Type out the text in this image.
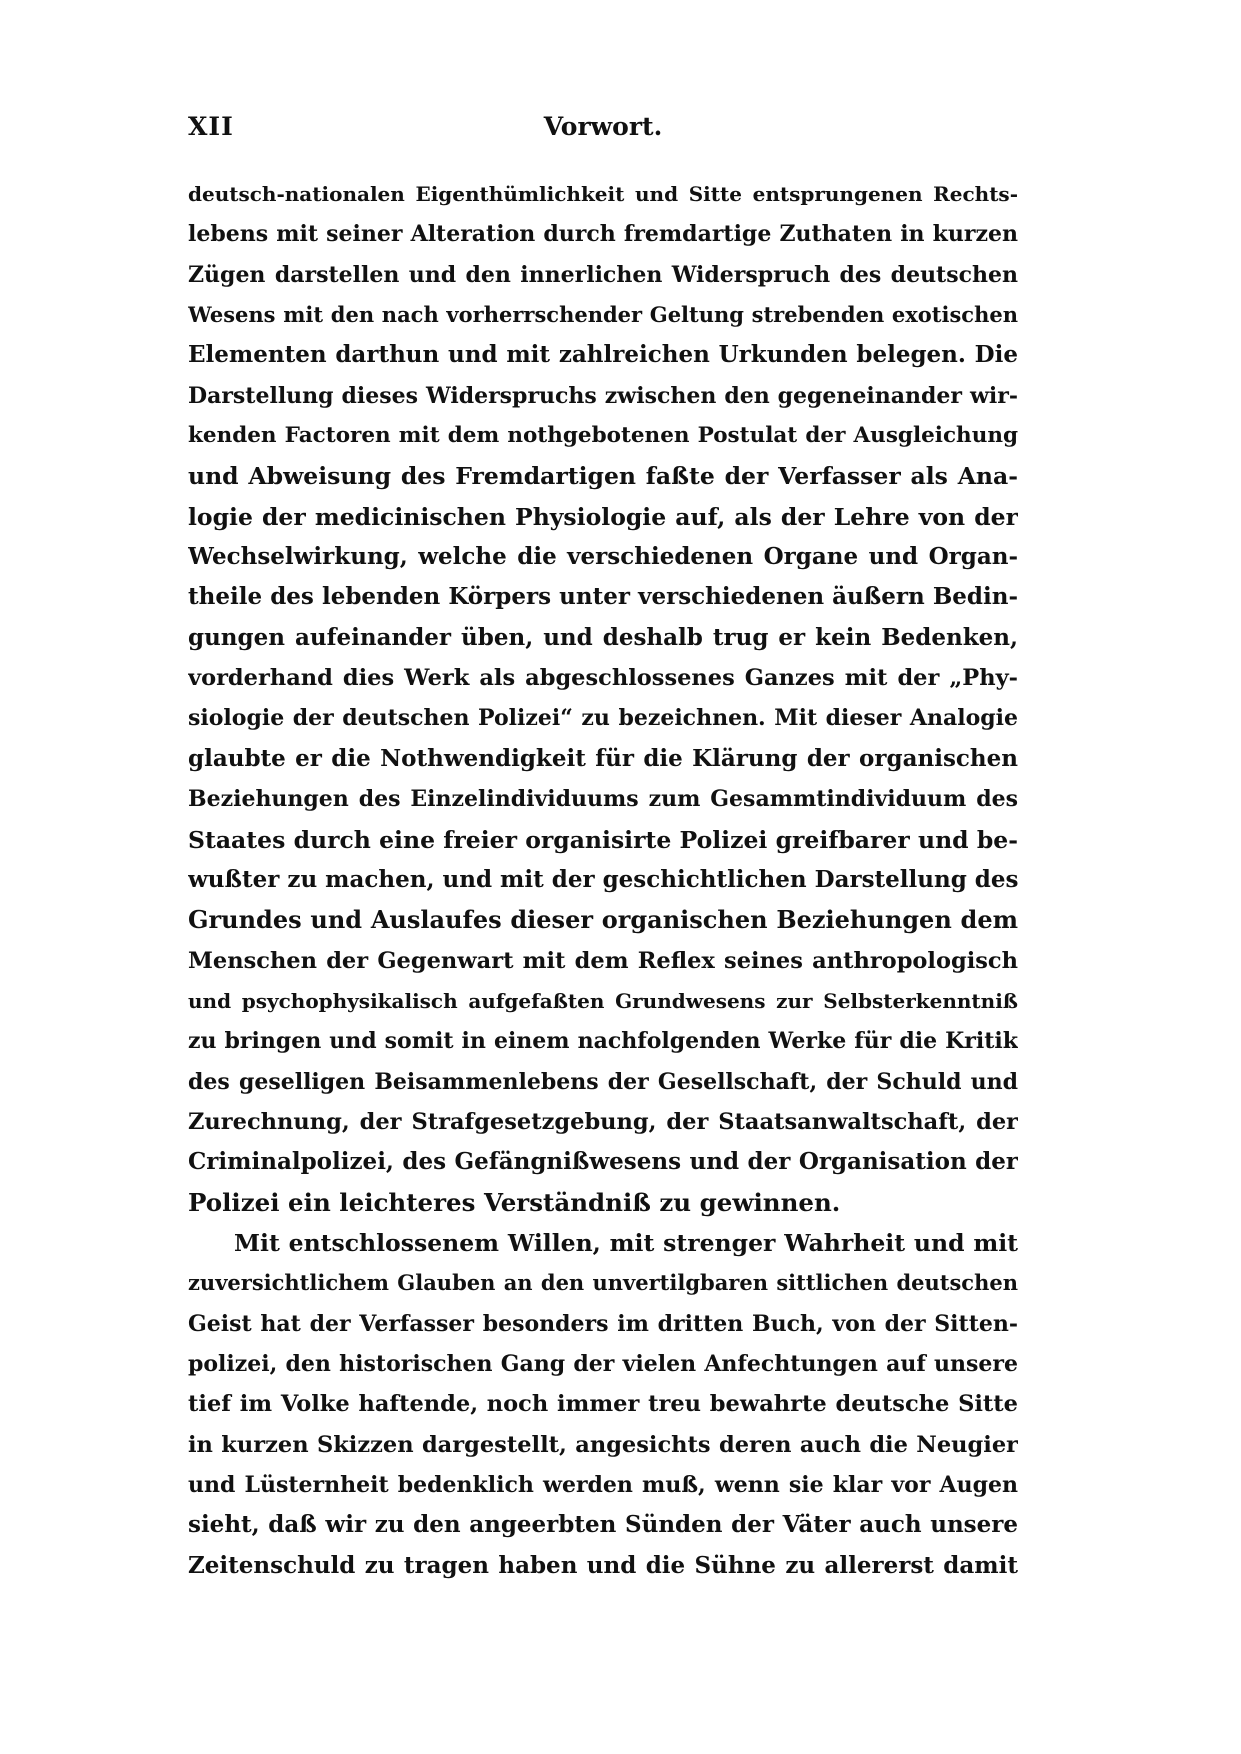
XII	Vorwort.
deutsch-nationalen Eigenthümlichkeit und Sitte entsprungenen Rechts-
lebens mit seiner Alteration durch fremdartige Zuthaten in kurzen
Zügen darstellen und den innerlichen Widerspruch des deutschen
Wesens mit den nach vorherrschender Geltung strebenden exotischen
Elementen darthun und mit zahlreichen Urkunden belegen. Die
Darstellung dieses Widerspruchs zwischen den gegeneinander wir-
kenden Factoren mit dem nothgebotenen Postulat der Ausgleichung
und Abweisung des Fremdartigen faßte der Verfasser als Ana-
logie der medicinischen Physiologie auf, als der Lehre von der
Wechselwirkung, welche die verschiedenen Organe und Organ-
theile des lebenden Körpers unter verschiedenen äußern Bedin-
gungen aufeinander üben, und deshalb trug er kein Bedenken,
vorderhand dies Werk als abgeschlossenes Ganzes mit der „Phy-
siologie der deutschen Polizei“ zu bezeichnen. Mit dieser Analogie
glaubte er die Nothwendigkeit für die Klärung der organischen
Beziehungen des Einzelindividuums zum Gesammtindividuum des
Staates durch eine freier organisirte Polizei greifbarer und be-
wußter zu machen, und mit der geschichtlichen Darstellung des
Grundes und Auslaufes dieser organischen Beziehungen dem
Menschen der Gegenwart mit dem Reflex seines anthropologisch
und psychophysikalisch aufgefaßten Grundwesens zur Selbsterkenntniß
zu bringen und somit in einem nachfolgenden Werke für die Kritik
des geselligen Beisammenlebens der Gesellschaft, der Schuld und
Zurechnung, der Strafgesetzgebung, der Staatsanwaltschaft, der
Criminalpolizei, des Gefängnißwesens und der Organisation der
Polizei ein leichteres Verständniß zu gewinnen.
Mit entschlossenem Willen, mit strenger Wahrheit und mit
zuversichtlichem Glauben an den unvertilgbaren sittlichen deutschen
Geist hat der Verfasser besonders im dritten Buch, von der Sitten-
polizei, den historischen Gang der vielen Anfechtungen auf unsere
tief im Volke haftende, noch immer treu bewahrte deutsche Sitte
in kurzen Skizzen dargestellt, angesichts deren auch die Neugier
und Lüsternheit bedenklich werden muß, wenn sie klar vor Augen
sieht, daß wir zu den angeerbten Sünden der Väter auch unsere
Zeitenschuld zu tragen haben und die Sühne zu allererst damit
